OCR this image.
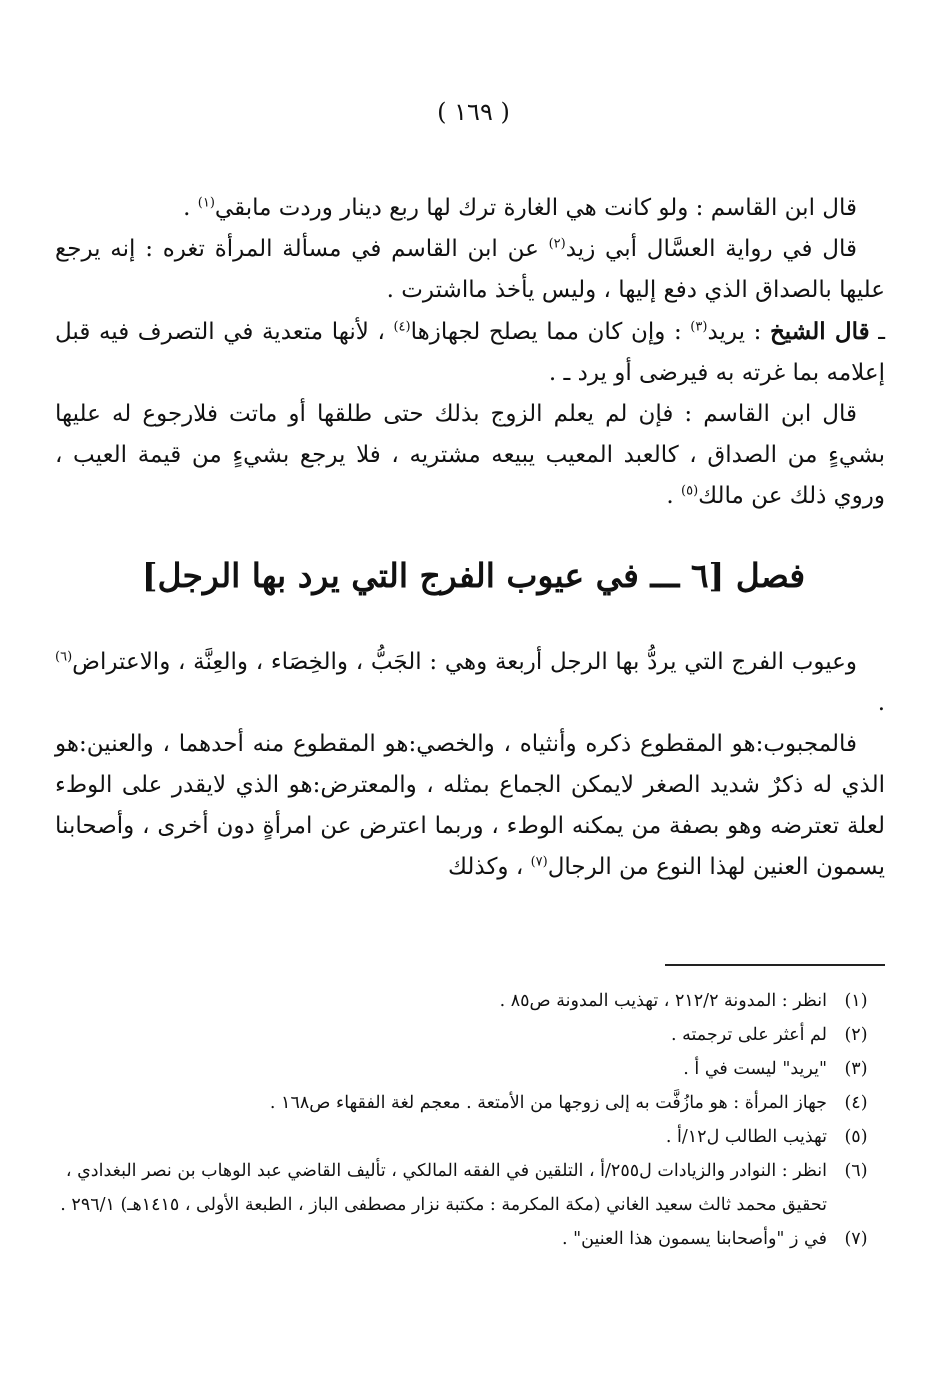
( ١٦٩ )

قال ابن القاسم : ولو كانت هي الغارة ترك لها ربع دينار وردت مابقي$^{(١)}$ .

قال في رواية العسَّال أبي زيد$^{(٢)}$ عن ابن القاسم في مسألة المرأة تغره : إنه يرجع عليها بالصداق الذي دفع إليها ، وليس يأخذ مااشترت .

ـ قال الشيخ : يريد$^{(٣)}$ : وإن كان مما يصلح لجهازها$^{(٤)}$ ، لأنها متعدية في التصرف فيه قبل إعلامه بما غرته به فيرضى أو يرد ـ .

قال ابن القاسم : فإن لم يعلم الزوج بذلك حتى طلقها أو ماتت فلارجوع له عليها بشيءٍ من الصداق ، كالعبد المعيب يبيعه مشتريه ، فلا يرجع بشيءٍ من قيمة العيب ، وروي ذلك عن مالك$^{(٥)}$ .

فصل [٦ ـــ في عيوب الفرج التي يرد بها الرجل]

وعيوب الفرج التي يردُّ بها الرجل أربعة وهي : الجَبُّ ، والخِصَاء ، والعِنَّة ، والاعتراض$^{(٦)}$ .

فالمجبوب:هو المقطوع ذكره وأنثياه ، والخصي:هو المقطوع منه أحدهما ، والعنين:هو الذي له ذكرٌ شديد الصغر لايمكن الجماع بمثله ، والمعترض:هو الذي لايقدر على الوطء لعلة تعترضه وهو بصفة من يمكنه الوطء ، وربما اعترض عن امرأةٍ دون أخرى ، وأصحابنا يسمون العنين لهذا النوع من الرجال$^{(٧)}$ ، وكذلك

(١)
انظر : المدونة ٢١٢/٢ ، تهذيب المدونة ص٨٥ .
(٢)
لم أعثر على ترجمته .
(٣)
"يريد" ليست في أ .
(٤)
جهاز المرأة : هو مازُفَّت به إلى زوجها من الأمتعة . معجم لغة الفقهاء ص١٦٨ .
(٥)
تهذيب الطالب ل١٢/أ .
(٦)
انظر : النوادر والزيادات ل٢٥٥/أ ، التلقين في الفقه المالكي ، تأليف القاضي عبد الوهاب بن نصر البغدادي ، تحقيق محمد ثالث سعيد الغاني (مكة المكرمة : مكتبة نزار مصطفى الباز ، الطبعة الأولى ، ١٤١٥هـ) ٢٩٦/١ .
(٧)
في ز "وأصحابنا يسمون هذا العنين" .
